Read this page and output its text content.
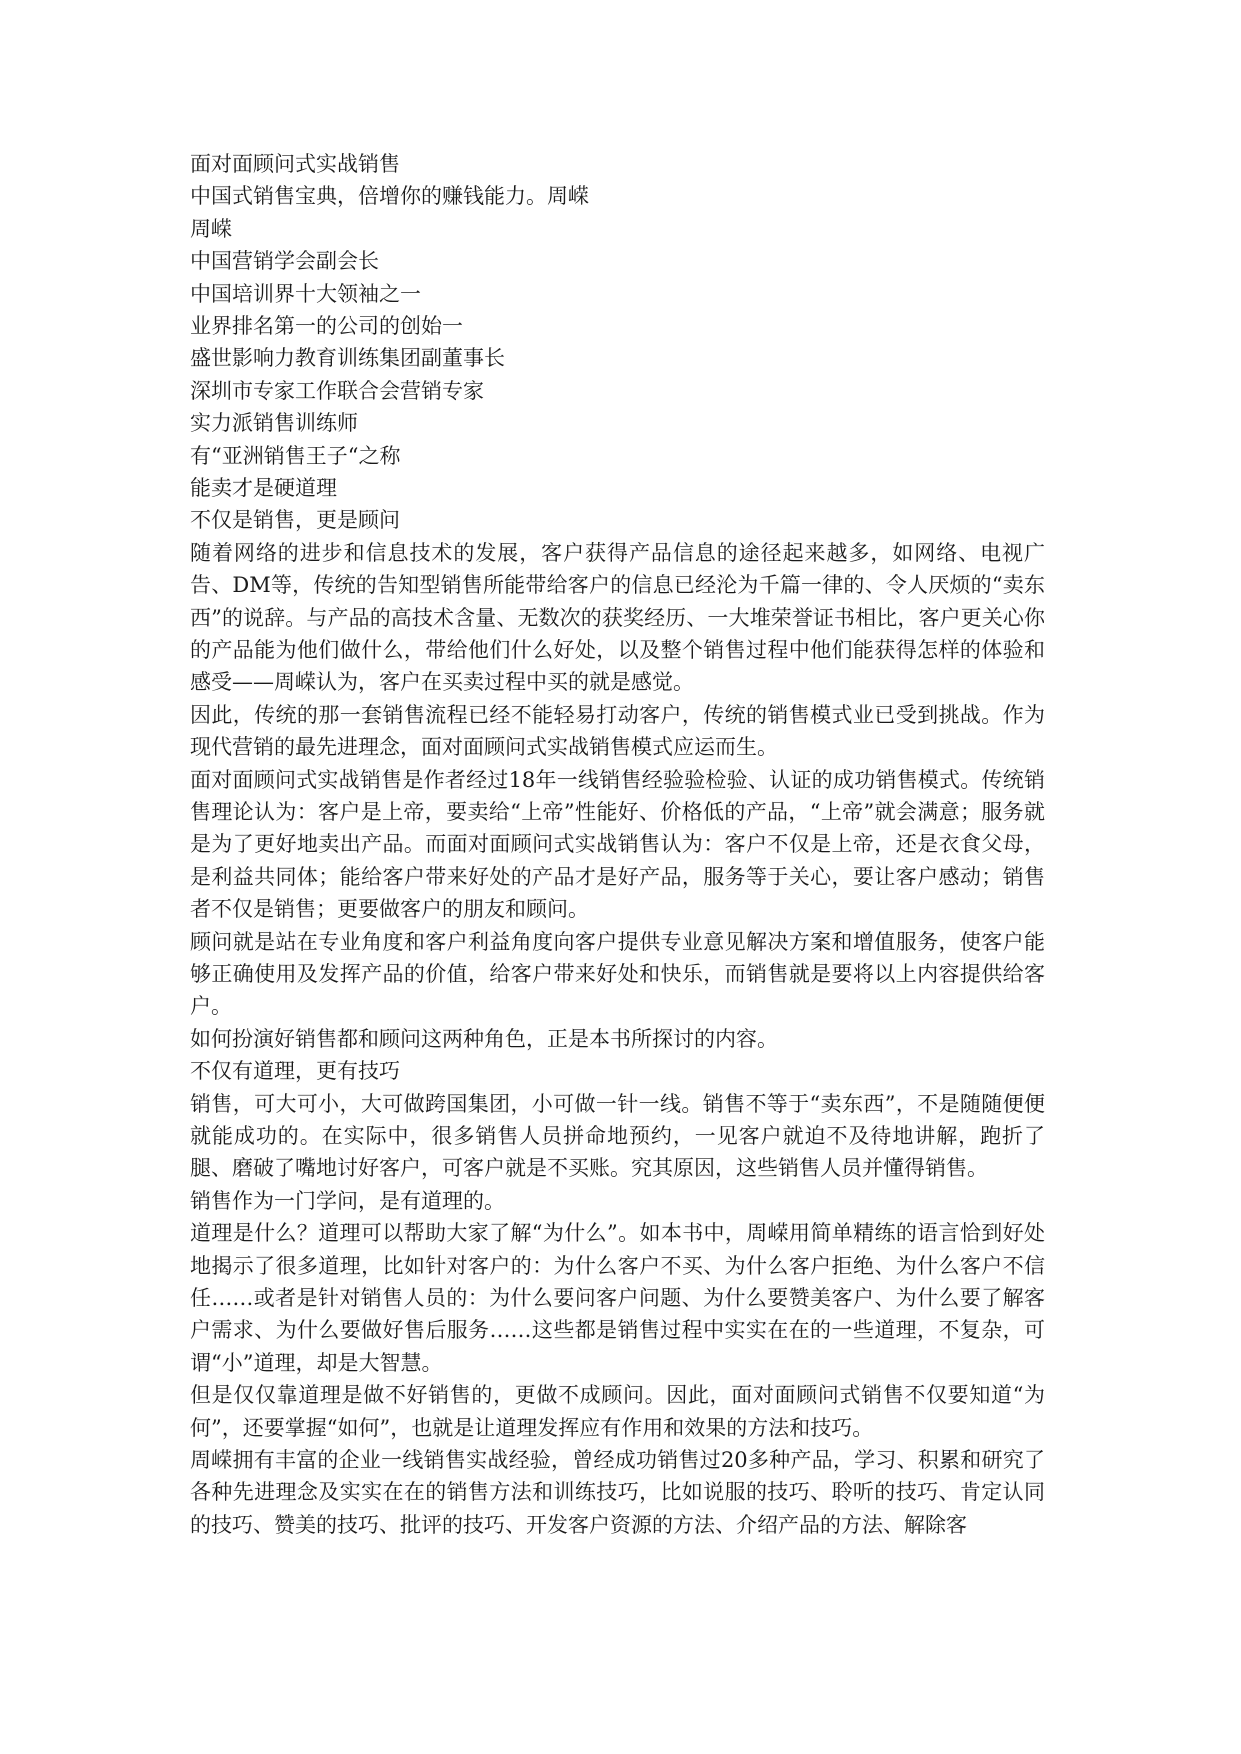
面对面顾问式实战销售

中国式销售宝典，倍增你的赚钱能力。周嵘

周嵘

中国营销学会副会长

中国培训界十大领袖之一

业界排名第一的公司的创始一

盛世影响力教育训练集团副董事长

深圳市专家工作联合会营销专家

实力派销售训练师

有“亚洲销售王子“之称

能卖才是硬道理

不仅是销售，更是顾问

随着网络的进步和信息技术的发展，客户获得产品信息的途径起来越多，如网络、电视广告、DM等，传统的告知型销售所能带给客户的信息已经沦为千篇一律的、令人厌烦的“卖东西”的说辞。与产品的高技术含量、无数次的获奖经历、一大堆荣誉证书相比，客户更关心你的产品能为他们做什么，带给他们什么好处，以及整个销售过程中他们能获得怎样的体验和感受——周嵘认为，客户在买卖过程中买的就是感觉。

因此，传统的那一套销售流程已经不能轻易打动客户，传统的销售模式业已受到挑战。作为现代营销的最先进理念，面对面顾问式实战销售模式应运而生。

面对面顾问式实战销售是作者经过18年一线销售经验验检验、认证的成功销售模式。传统销售理论认为：客户是上帝，要卖给“上帝”性能好、价格低的产品，“上帝”就会满意；服务就是为了更好地卖出产品。而面对面顾问式实战销售认为：客户不仅是上帝，还是衣食父母，是利益共同体；能给客户带来好处的产品才是好产品，服务等于关心，要让客户感动；销售者不仅是销售；更要做客户的朋友和顾问。

顾问就是站在专业角度和客户利益角度向客户提供专业意见解决方案和增值服务，使客户能够正确使用及发挥产品的价值，给客户带来好处和快乐，而销售就是要将以上内容提供给客户。

如何扮演好销售都和顾问这两种角色，正是本书所探讨的内容。

不仅有道理，更有技巧

销售，可大可小，大可做跨国集团，小可做一针一线。销售不等于“卖东西”，不是随随便便就能成功的。在实际中，很多销售人员拼命地预约，一见客户就迫不及待地讲解，跑折了腿、磨破了嘴地讨好客户，可客户就是不买账。究其原因，这些销售人员并懂得销售。

销售作为一门学问，是有道理的。

道理是什么？道理可以帮助大家了解“为什么”。如本书中，周嵘用简单精练的语言恰到好处地揭示了很多道理，比如针对客户的：为什么客户不买、为什么客户拒绝、为什么客户不信任……或者是针对销售人员的：为什么要问客户问题、为什么要赞美客户、为什么要了解客户需求、为什么要做好售后服务……这些都是销售过程中实实在在的一些道理，不复杂，可谓“小”道理，却是大智慧。

但是仅仅靠道理是做不好销售的，更做不成顾问。因此，面对面顾问式销售不仅要知道“为何”，还要掌握“如何”，也就是让道理发挥应有作用和效果的方法和技巧。

周嵘拥有丰富的企业一线销售实战经验，曾经成功销售过20多种产品，学习、积累和研究了各种先进理念及实实在在的销售方法和训练技巧，比如说服的技巧、聆听的技巧、肯定认同的技巧、赞美的技巧、批评的技巧、开发客户资源的方法、介绍产品的方法、解除客
